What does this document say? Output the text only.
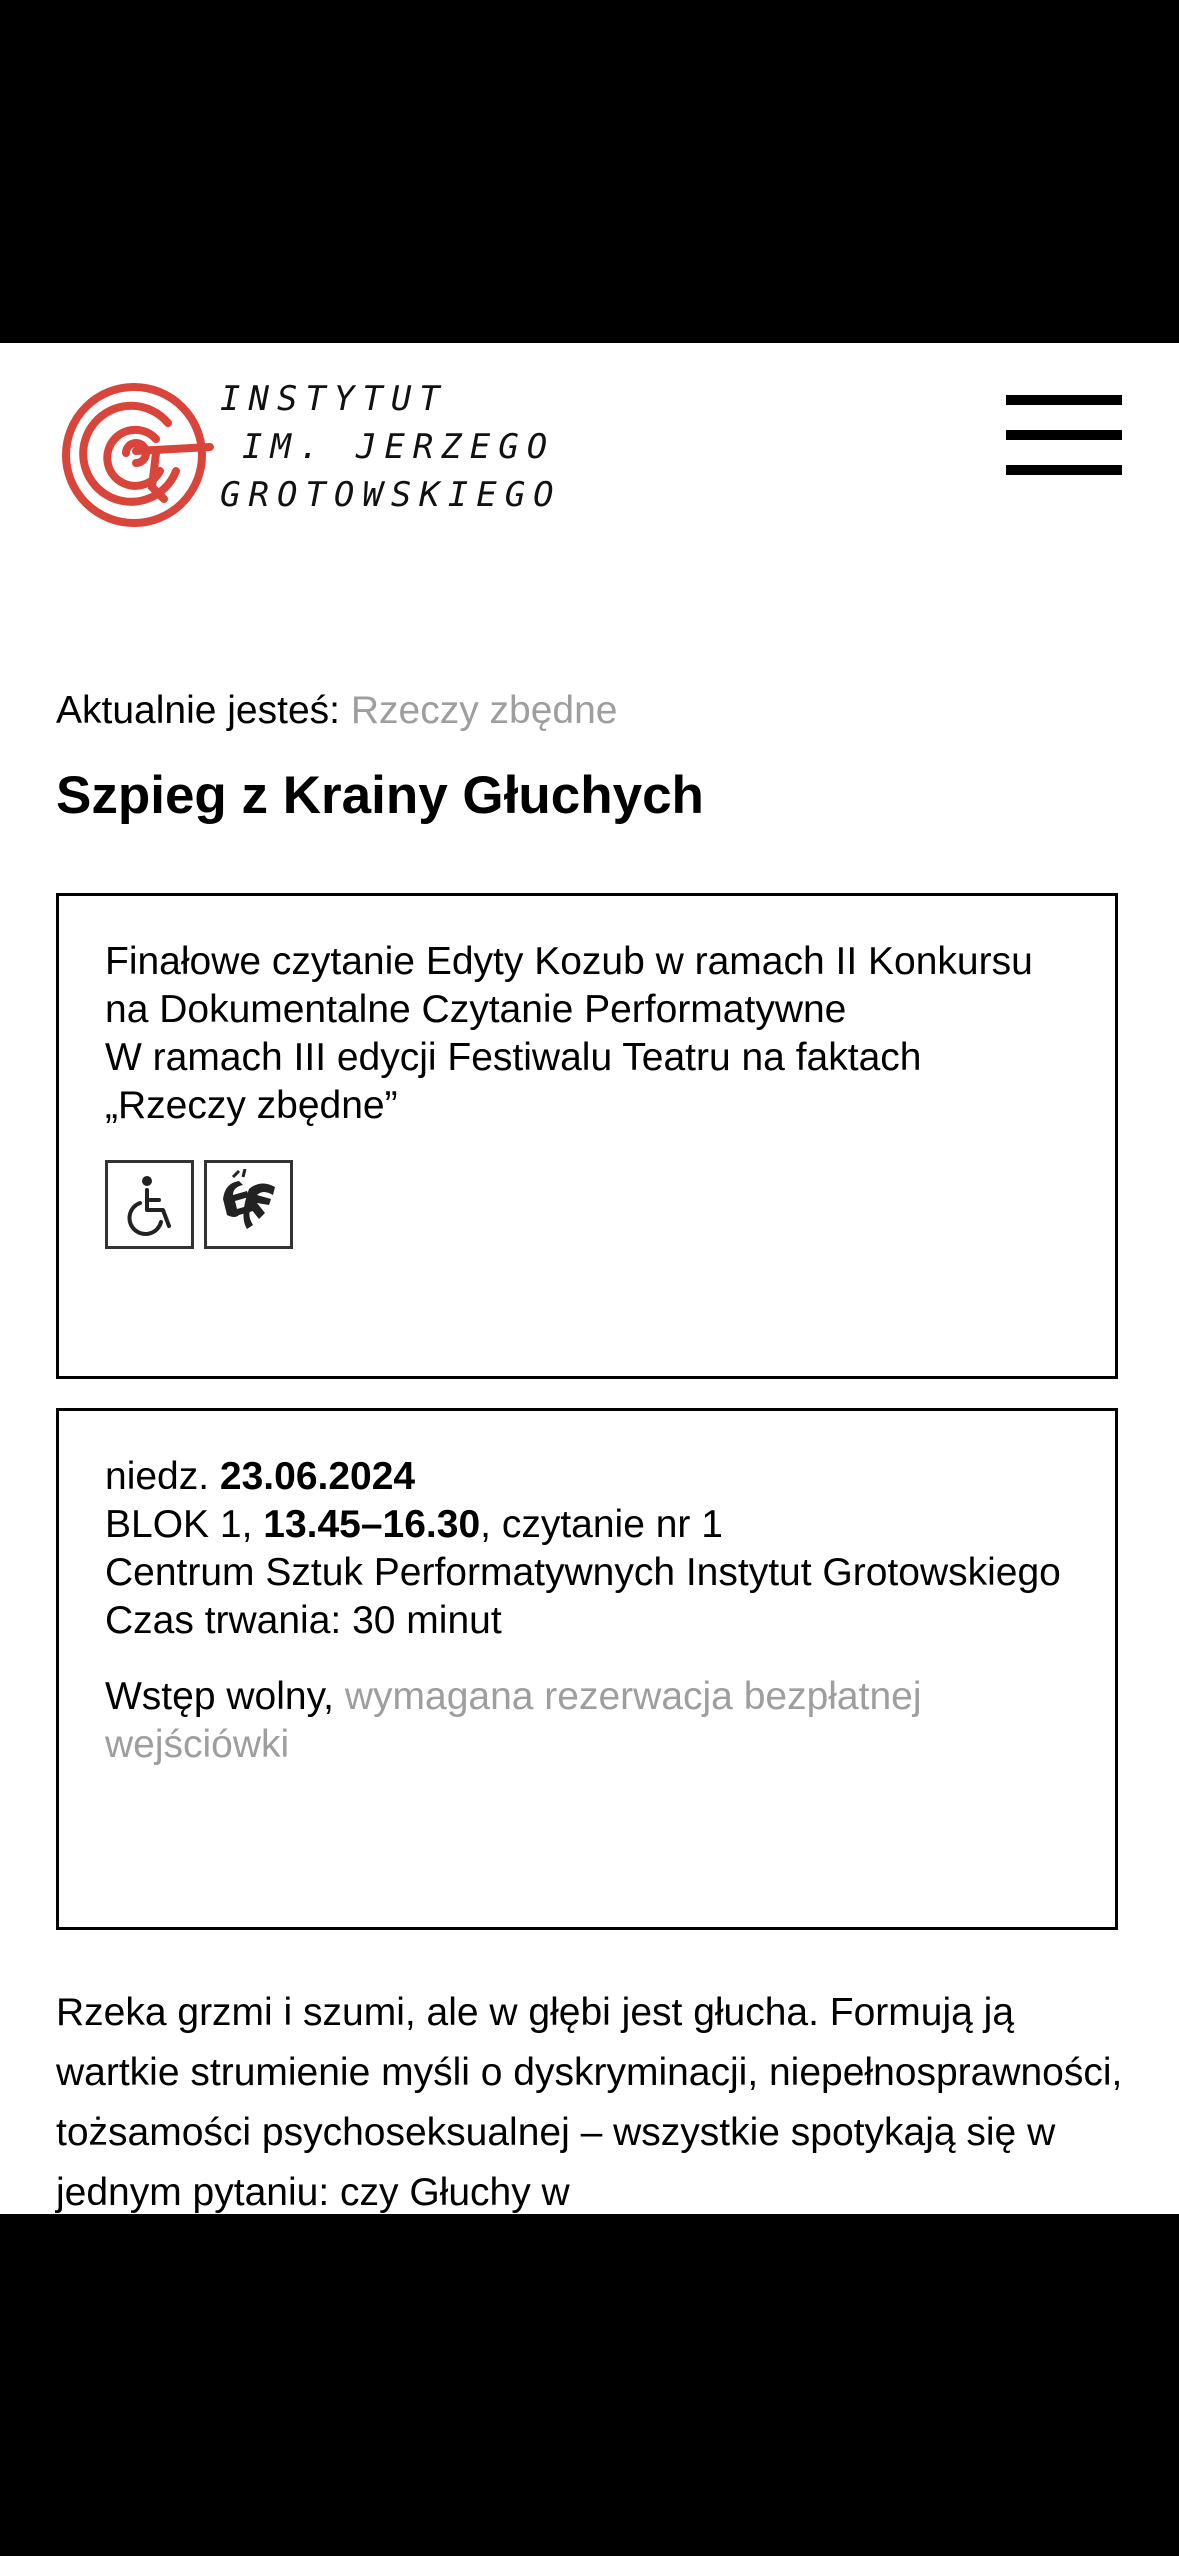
INSTYTUT
IM. JERZEGO
GROTOWSKIEGO
Aktualnie jesteś: Rzeczy zbędne
Szpieg z Krainy Głuchych

Finałowe czytanie Edyty Kozub w ramach II Konkursu na Dokumentalne Czytanie Performatywne

W ramach III edycji Festiwalu Teatru na faktach „Rzeczy zbędne”

niedz. 23.06.2024

BLOK 1, 13.45–16.30, czytanie nr 1

Centrum Sztuk Performatywnych Instytut Grotowskiego

Czas trwania: 30 minut

Wstęp wolny, wymagana rezerwacja bezpłatnej wejściówki

Rzeka grzmi i szumi, ale w głębi jest głucha. Formują ją wartkie strumienie myśli o dyskryminacji, niepełnosprawności, tożsamości psychoseksualnej – wszystkie spotykają się w jednym pytaniu: czy Głuchy w
